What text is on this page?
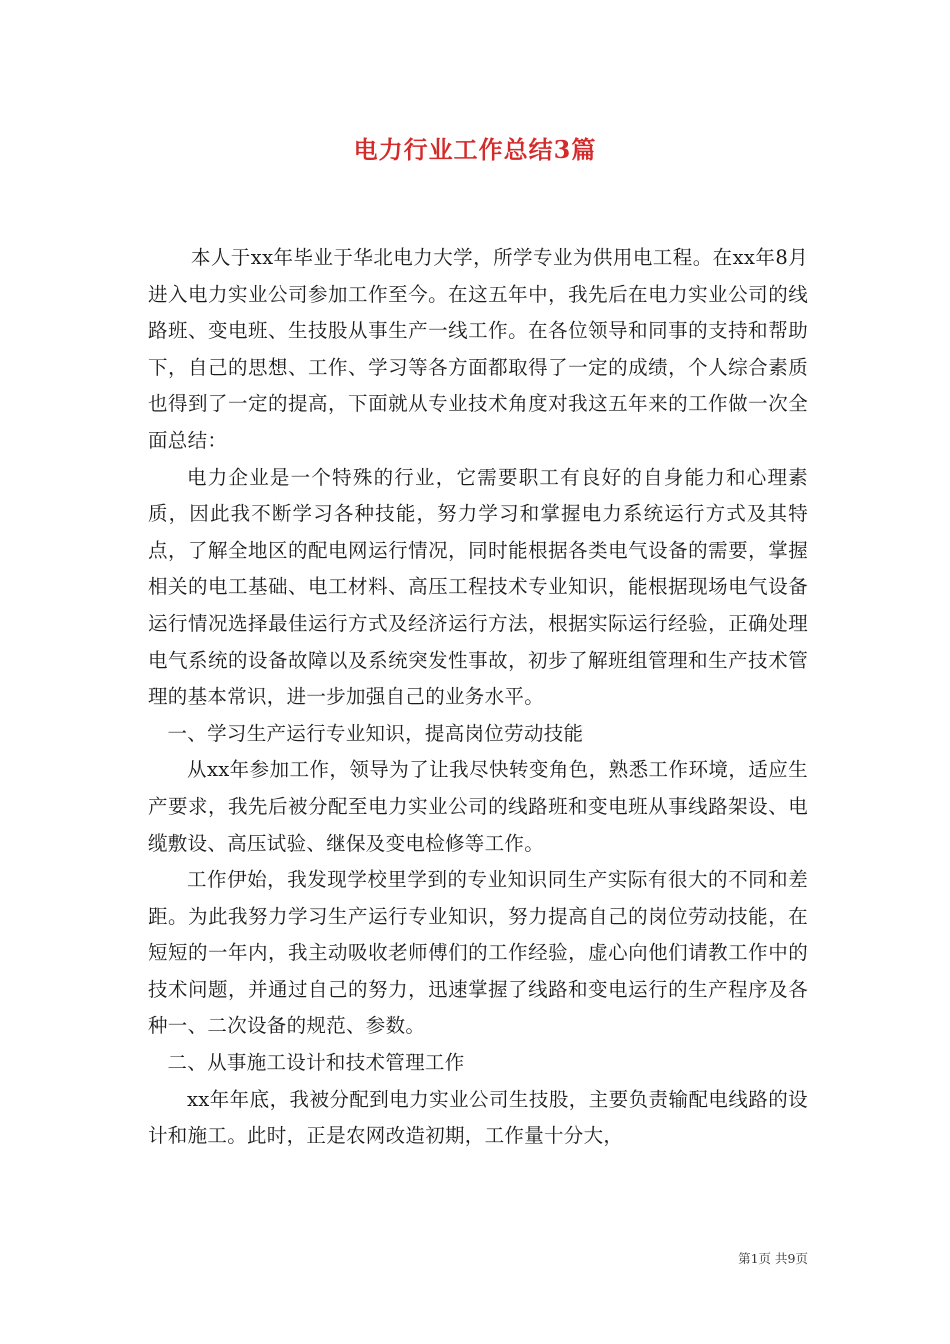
电力行业工作总结3篇

本人于xx年毕业于华北电力大学，所学专业为供用电工程。在xx年8月进入电力实业公司参加工作至今。在这五年中，我先后在电力实业公司的线路班、变电班、生技股从事生产一线工作。在各位领导和同事的支持和帮助下，自己的思想、工作、学习等各方面都取得了一定的成绩，个人综合素质也得到了一定的提高，下面就从专业技术角度对我这五年来的工作做一次全面总结：

电力企业是一个特殊的行业，它需要职工有良好的自身能力和心理素质，因此我不断学习各种技能，努力学习和掌握电力系统运行方式及其特点，了解全地区的配电网运行情况，同时能根据各类电气设备的需要，掌握相关的电工基础、电工材料、高压工程技术专业知识，能根据现场电气设备运行情况选择最佳运行方式及经济运行方法，根据实际运行经验，正确处理电气系统的设备故障以及系统突发性事故，初步了解班组管理和生产技术管理的基本常识，进一步加强自己的业务水平。

一、学习生产运行专业知识，提高岗位劳动技能

从xx年参加工作，领导为了让我尽快转变角色，熟悉工作环境，适应生产要求，我先后被分配至电力实业公司的线路班和变电班从事线路架设、电缆敷设、高压试验、继保及变电检修等工作。

工作伊始，我发现学校里学到的专业知识同生产实际有很大的不同和差距。为此我努力学习生产运行专业知识，努力提高自己的岗位劳动技能，在短短的一年内，我主动吸收老师傅们的工作经验，虚心向他们请教工作中的技术问题，并通过自己的努力，迅速掌握了线路和变电运行的生产程序及各种一、二次设备的规范、参数。

二、从事施工设计和技术管理工作

xx年年底，我被分配到电力实业公司生技股，主要负责输配电线路的设计和施工。此时，正是农网改造初期，工作量十分大，

第1页 共9页
